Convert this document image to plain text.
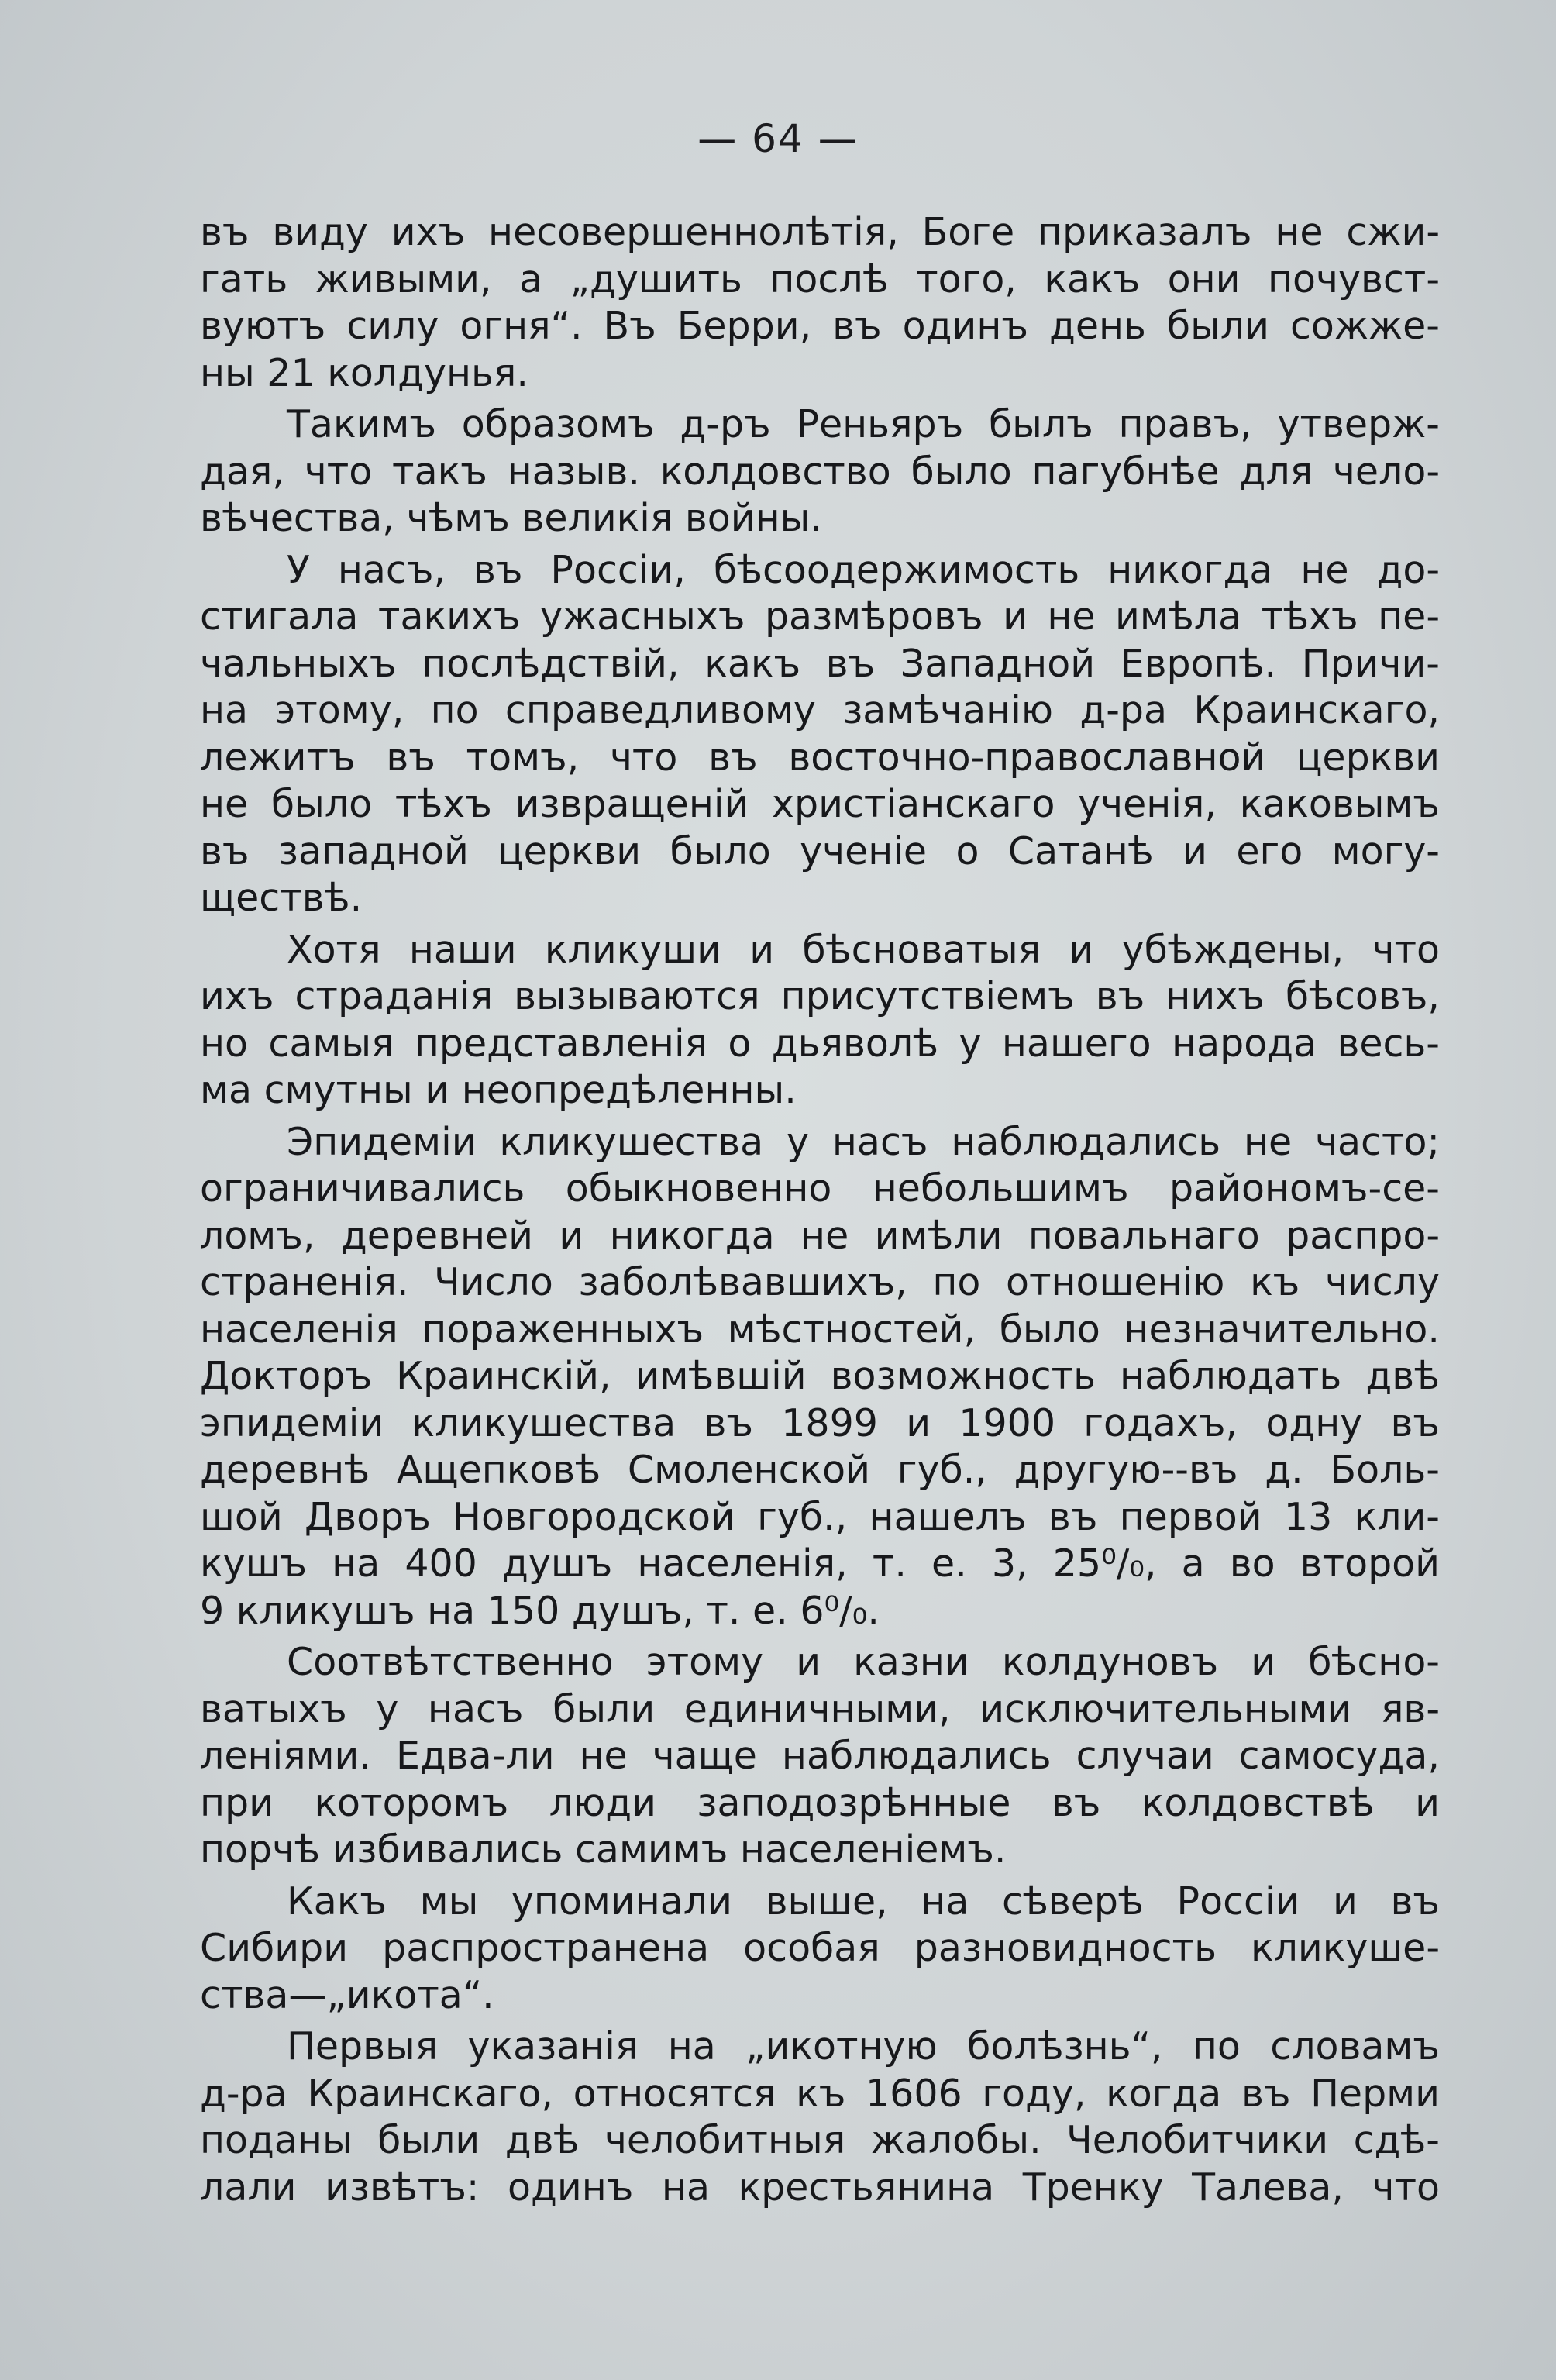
— 64 —
въ виду ихъ несовершеннолѣтія, Боге приказалъ не сжи-
гать живыми, а „душить послѣ того, какъ они почувст-
вуютъ силу огня“. Въ Берри, въ одинъ день были сожже-
ны 21 колдунья.
Такимъ образомъ д-ръ Реньяръ былъ правъ, утверж-
дая, что такъ назыв. колдовство было пагубнѣе для чело-
вѣчества, чѣмъ великія войны.
У насъ, въ Россіи, бѣсоодержимость никогда не до-
стигала такихъ ужасныхъ размѣровъ и не имѣла тѣхъ пе-
чальныхъ послѣдствій, какъ въ Западной Европѣ. Причи-
на этому, по справедливому замѣчанію д-ра Краинскаго,
лежитъ въ томъ, что въ восточно-православной церкви
не было тѣхъ извращеній христіанскаго ученія, каковымъ
въ западной церкви было ученіе о Сатанѣ и его могу-
ществѣ.
Хотя наши кликуши и бѣсноватыя и убѣждены, что
ихъ страданія вызываются присутствіемъ въ нихъ бѣсовъ,
но самыя представленія о дьяволѣ у нашего народа весь-
ма смутны и неопредѣленны.
Эпидеміи кликушества у насъ наблюдались не часто;
ограничивались обыкновенно небольшимъ райономъ-се-
ломъ, деревней и никогда не имѣли повальнаго распро-
страненія. Число заболѣвавшихъ, по отношенію къ числу
населенія пораженныхъ мѣстностей, было незначительно.
Докторъ Краинскій, имѣвшій возможность наблюдать двѣ
эпидеміи кликушества въ 1899 и 1900 годахъ, одну въ
деревнѣ Ащепковѣ Смоленской губ., другую--въ д. Боль-
шой Дворъ Новгородской губ., нашелъ въ первой 13 кли-
кушъ на 400 душъ населенія, т. е. 3, 25⁰/₀, а во второй
9 кликушъ на 150 душъ, т. е. 6⁰/₀.
Соотвѣтственно этому и казни колдуновъ и бѣсно-
ватыхъ у насъ были единичными, исключительными яв-
леніями. Едва-ли не чаще наблюдались случаи самосуда,
при которомъ люди заподозрѣнные въ колдовствѣ и
порчѣ избивались самимъ населеніемъ.
Какъ мы упоминали выше, на сѣверѣ Россіи и въ
Сибири распространена особая разновидность кликуше-
ства—„икота“.
Первыя указанія на „икотную болѣзнь“, по словамъ
д-ра Краинскаго, относятся къ 1606 году, когда въ Перми
поданы были двѣ челобитныя жалобы. Челобитчики сдѣ-
лали извѣтъ: одинъ на крестьянина Тренку Талева, что
